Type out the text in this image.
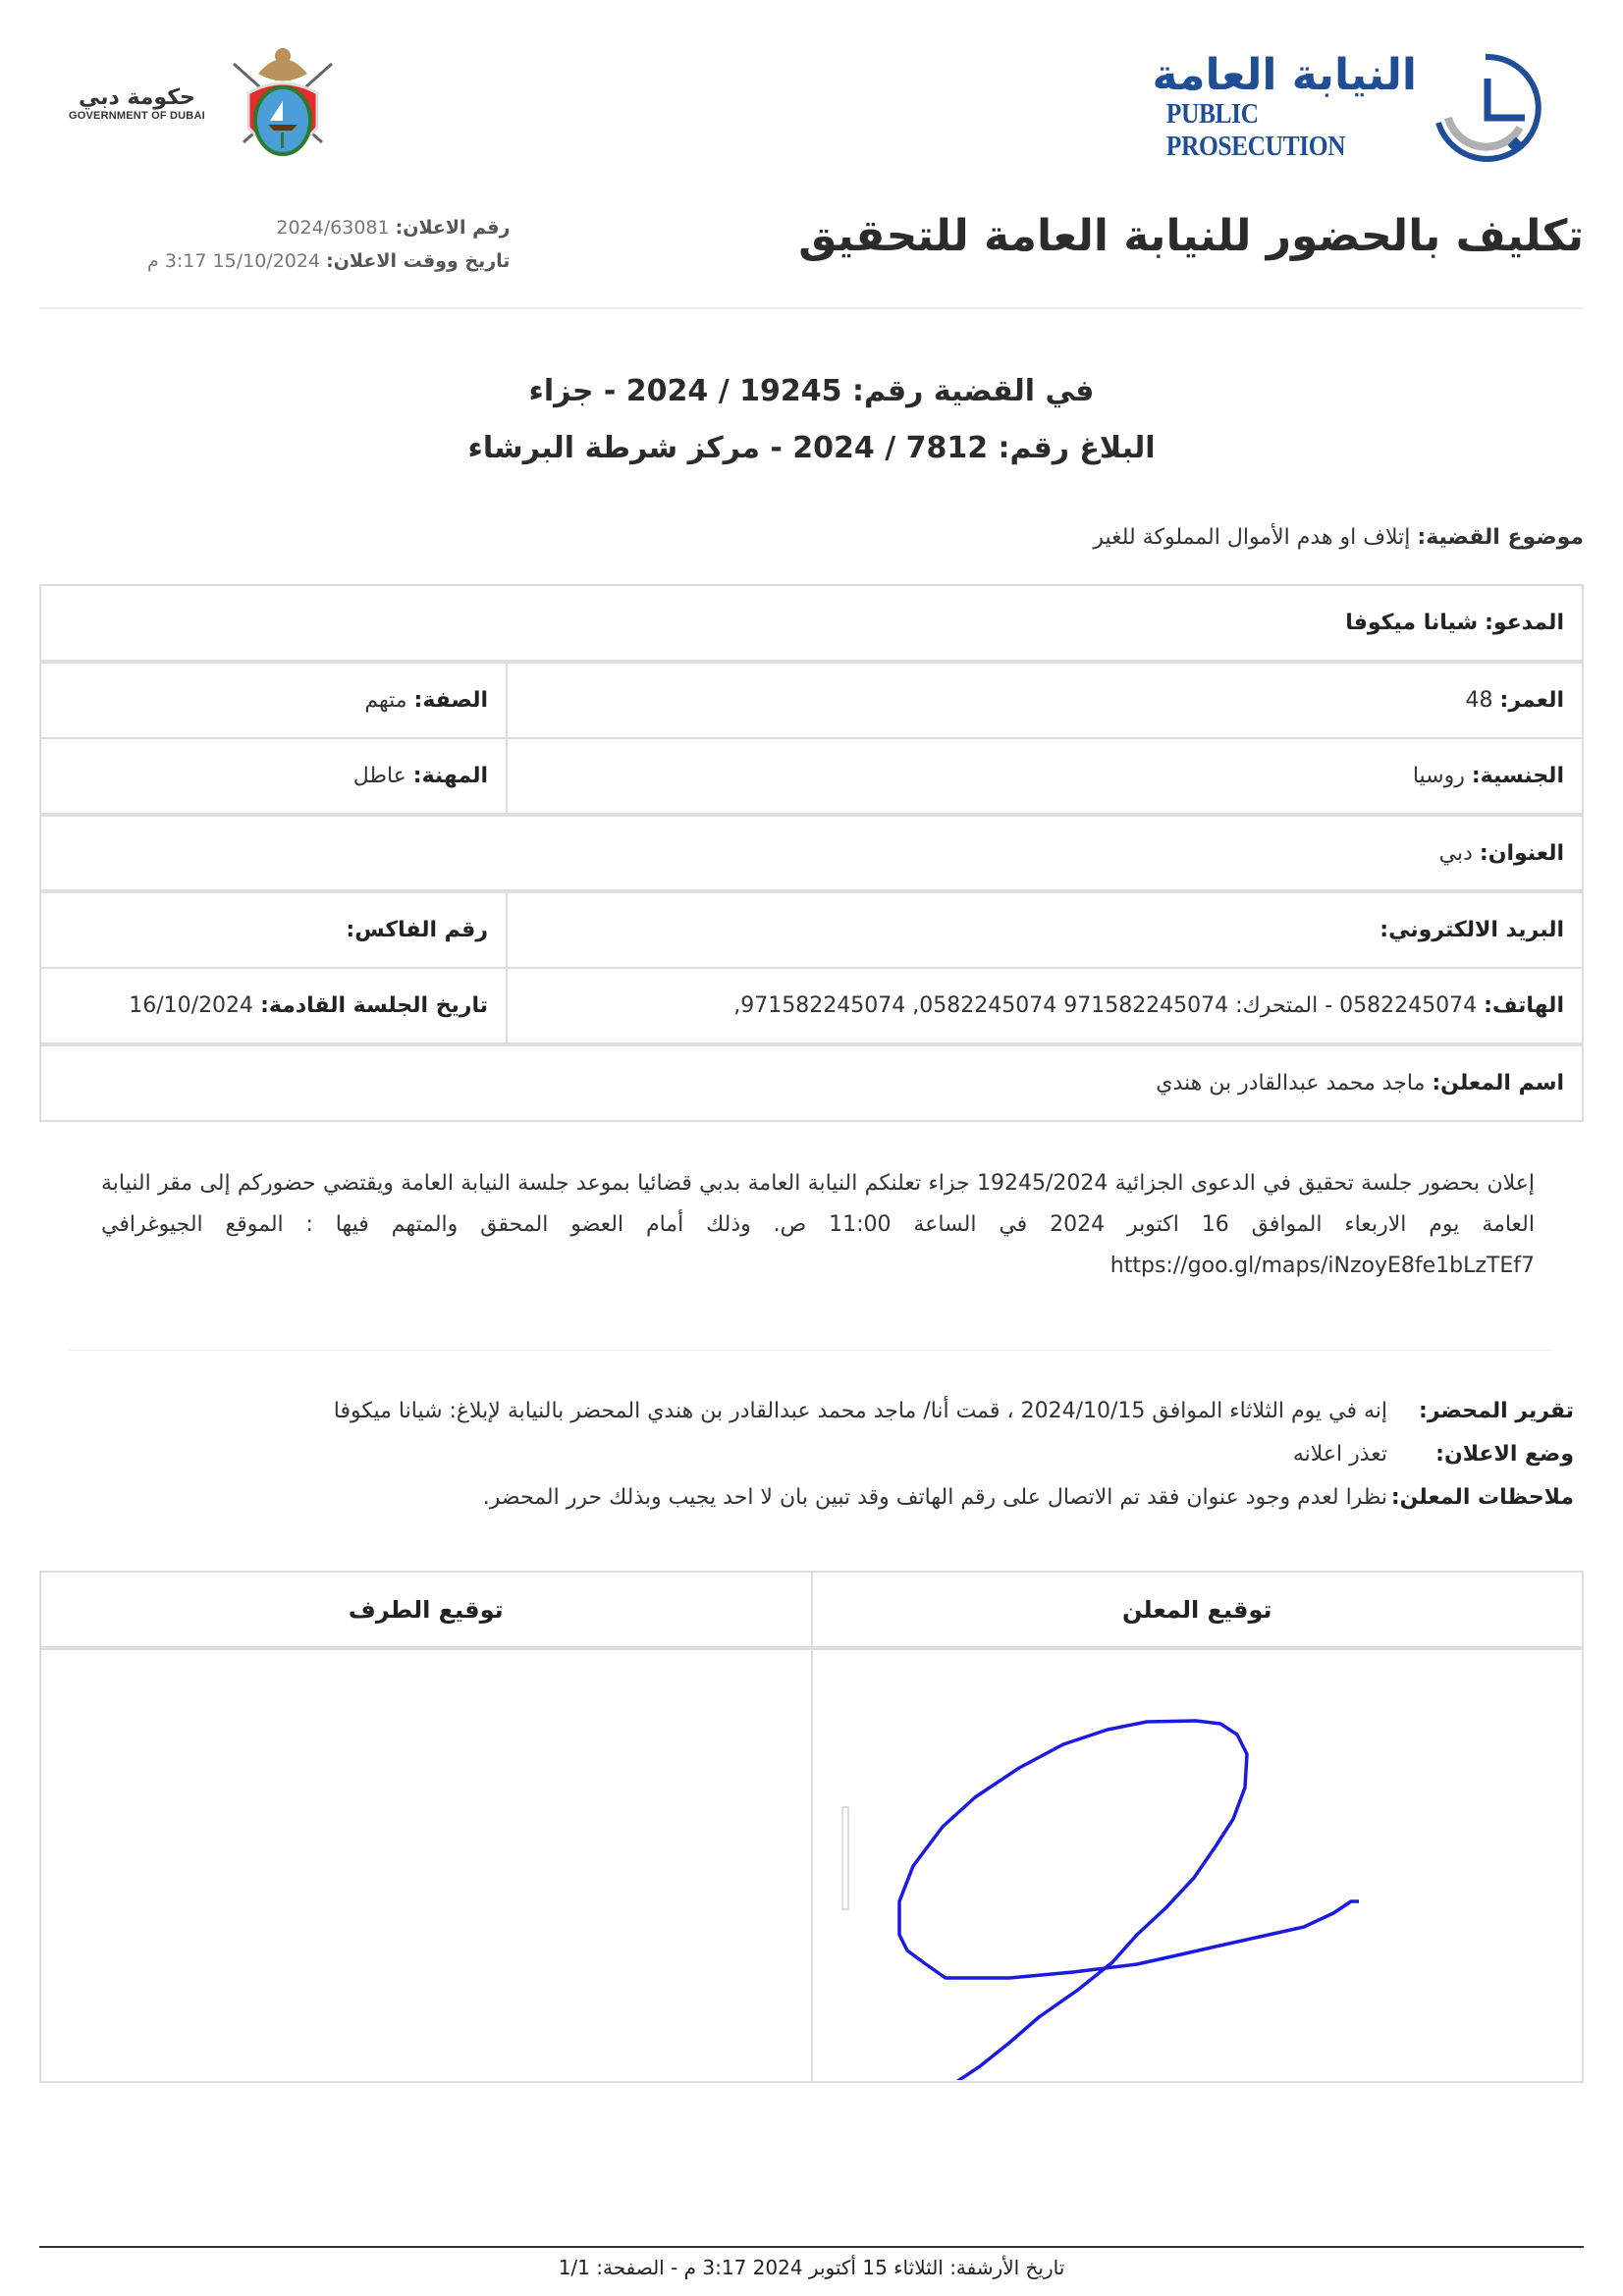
النيابة العامة
PUBLIC PROSECUTION
حكومة دبي
GOVERNMENT OF DUBAI
تكليف بالحضور للنيابة العامة للتحقيق
رقم الاعلان: 2024/63081
تاريخ ووقت الاعلان: 15/10/2024 3:17 م
في القضية رقم: 19245 / 2024 - جزاء
البلاغ رقم: 7812 / 2024 - مركز شرطة البرشاء
موضوع القضية: إتلاف او هدم الأموال المملوكة للغير
المدعو: شيانا ميكوفا	
العمر: 48	الصفة: متهم
الجنسية: روسيا	المهنة: عاطل
العنوان: دبي	
البريد الالكتروني:	رقم الفاكس:
الهاتف: 0582245074 - المتحرك: 971582245074 0582245074, 971582245074,	تاريخ الجلسة القادمة: 16/10/2024
اسم المعلن: ماجد محمد عبدالقادر بن هندي	
إعلان بحضور جلسة تحقيق في الدعوى الجزائية 19245/2024 جزاء تعلنكم النيابة العامة بدبي قضائيا بموعد جلسة النيابة العامة ويقتضي حضوركم إلى مقر النيابة العامة يوم الاربعاء الموافق 16 اكتوبر 2024 في الساعة 11:00 ص. وذلك أمام العضو المحقق والمتهم فيها : الموقع الجيوغرافي https://goo.gl/maps/iNzoyE8fe1bLzTEf7
تقرير المحضر:
إنه في يوم الثلاثاء الموافق 2024/10/15 ، قمت أنا/ ماجد محمد عبدالقادر بن هندي المحضر بالنيابة لإبلاغ: شيانا ميكوفا
وضع الاعلان:
تعذر اعلانه
ملاحظات المعلن:
نظرا لعدم وجود عنوان فقد تم الاتصال على رقم الهاتف وقد تبين بان لا احد يجيب وبذلك حرر المحضر.
توقيع المعلن	توقيع الطرف

تاريخ الأرشفة: الثلاثاء 15 أكتوبر 2024 3:17 م - الصفحة: 1/1
